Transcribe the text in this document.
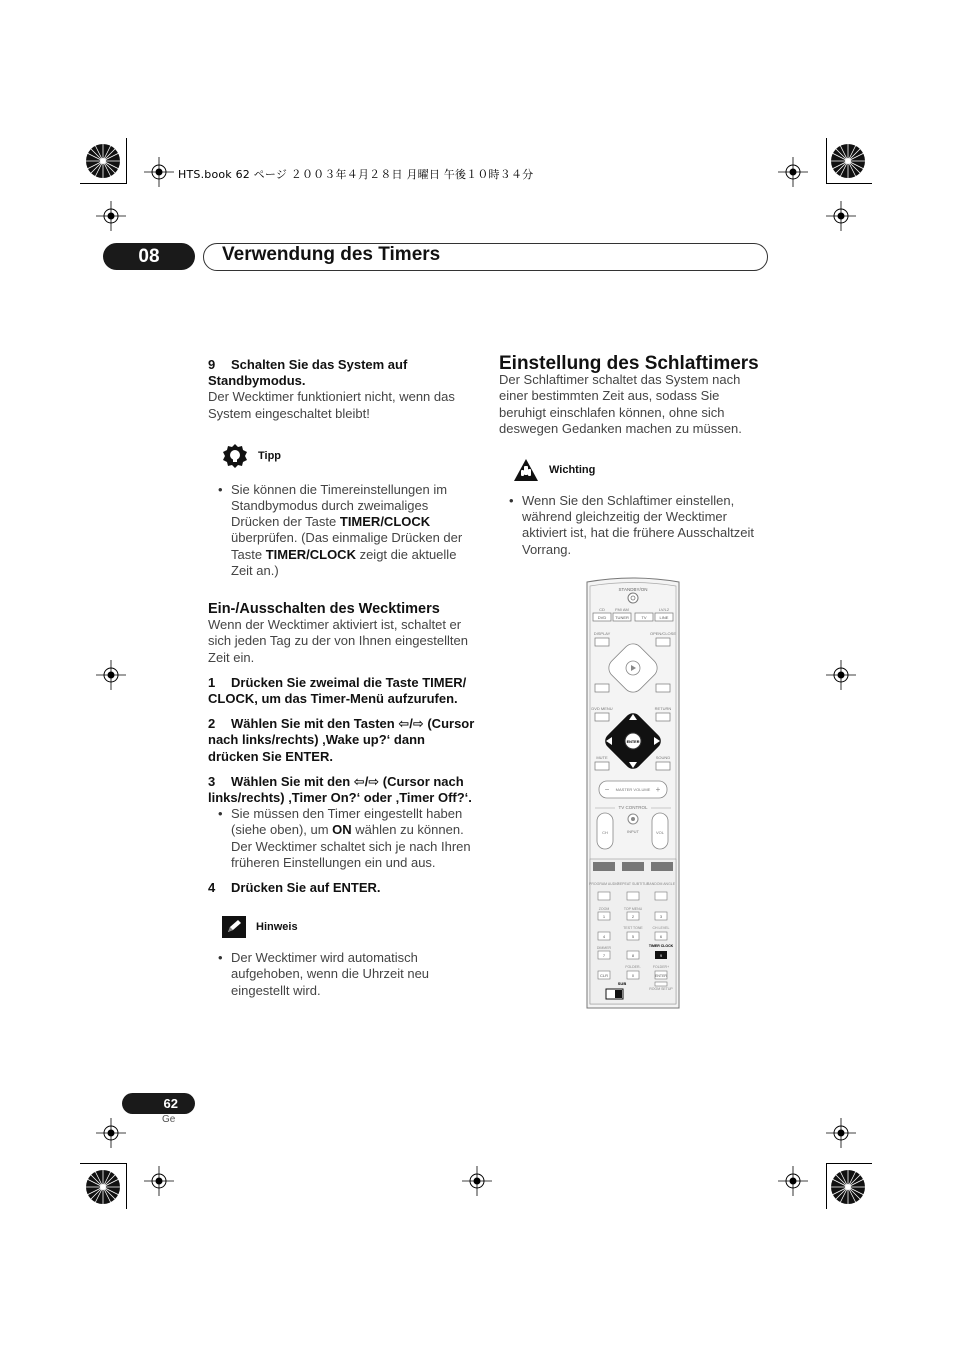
HTS.book 62 ページ ２００３年４月２８日 月曜日 午後１０時３４分
08	Verwendung des Timers
9 Schalten Sie das System auf Standbymodus.
Der Wecktimer funktioniert nicht, wenn das System eingeschaltet bleibt!
Tipp
• Sie können die Timereinstellungen im Standbymodus durch zweimaliges Drücken der Taste TIMER/CLOCK überprüfen. (Das einmalige Drücken der Taste TIMER/CLOCK zeigt die aktuelle Zeit an.)
Ein-/Ausschalten des Wecktimers
Wenn der Wecktimer aktiviert ist, schaltet er sich jeden Tag zu der von Ihnen eingestellten Zeit ein.
1 Drücken Sie zweimal die Taste TIMER/ CLOCK, um das Timer-Menü aufzurufen.
2 Wählen Sie mit den Tasten ⇦/⇨ (Cursor nach links/rechts) ‚Wake up?‘ dann drücken Sie ENTER.
3 Wählen Sie mit den ⇦/⇨ (Cursor nach links/rechts) ‚Timer On?‘ oder ‚Timer Off?‘.
• Sie müssen den Timer eingestellt haben (siehe oben), um ON wählen zu können. Der Wecktimer schaltet sich je nach Ihren früheren Einstellungen ein und aus.
4 Drücken Sie auf ENTER.
Hinweis
• Der Wecktimer wird automatisch aufgehoben, wenn die Uhrzeit neu eingestellt wird.
Einstellung des Schlaftimers
Der Schlaftimer schaltet das System nach einer bestimmten Zeit aus, sodass Sie beruhigt einschlafen können, ohne sich deswegen Gedanken machen zu müssen.
Wichting
• Wenn Sie den Schlaftimer einstellen, während gleichzeitig der Wecktimer aktiviert ist, hat die frühere Ausschaltzeit Vorrang.
STANDBY/ON
CD	FM/ AM	LV/L2
DVD TUNER	TV	LINE
DISPLAY	OPEN/CLOSE
DVD MENU	RETURN
ENTER
MUTE	SOUND
MASTER VOLUME
−	+
TV CONTROL
CH	INPUT	VOL
PROGRAM AUDIO
REPEAT SUBTITLE
RANDOM ANGLE
ZOOM	TOP MENU
1	2	3
TEST TONE	CH LEVEL
4	5	6
DIMMER	TIMER CLOCK
7	8	9
FOLDER-	FOLDER+
CLR	0	ENTER
SUB
ROOM SETUP
62
Ge
